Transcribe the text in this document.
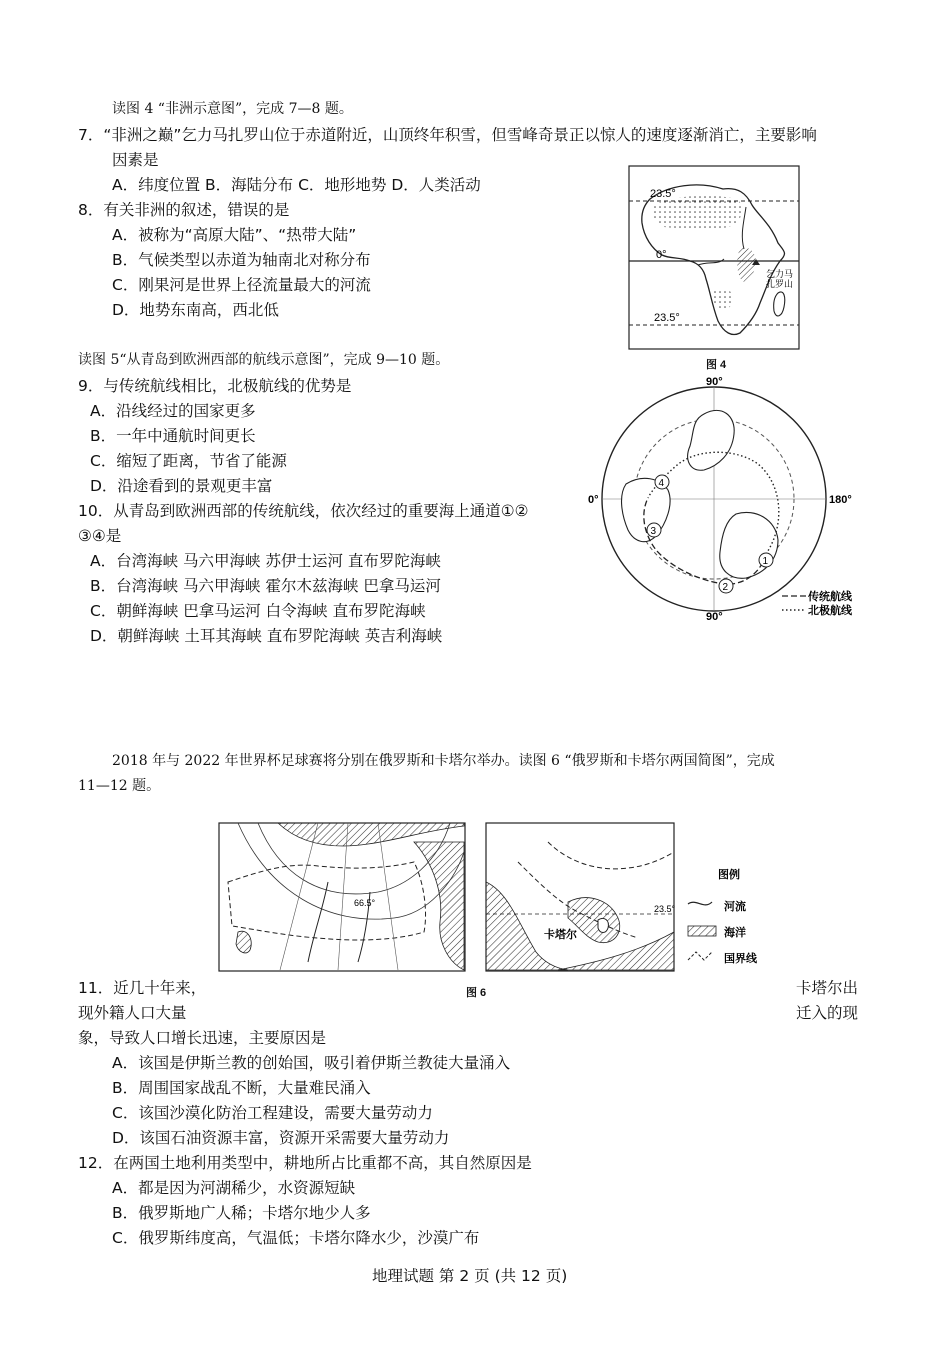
读图 4 “非洲示意图”，完成 7—8 题。
7．“非洲之巅”乞力马扎罗山位于赤道附近，山顶终年积雪，但雪峰奇景正以惊人的速度逐渐消亡，主要影响
因素是
A．纬度位置 B．海陆分布 C．地形地势 D．人类活动
8．有关非洲的叙述，错误的是
A．被称为“高原大陆”、“热带大陆”
B．气候类型以赤道为轴南北对称分布
C．刚果河是世界上径流量最大的河流
D．地势东南高，西北低
23.5°
0°
23.5°
乞力马
扎罗山
图 4
读图 5“从青岛到欧洲西部的航线示意图”，完成 9—10 题。
9．与传统航线相比，北极航线的优势是
A．沿线经过的国家更多
B．一年中通航时间更长
C．缩短了距离，节省了能源
D．沿途看到的景观更丰富
10．从青岛到欧洲西部的传统航线，依次经过的重要海上通道①②
③④是
A．台湾海峡 马六甲海峡 苏伊士运河 直布罗陀海峡
B．台湾海峡 马六甲海峡 霍尔木兹海峡 巴拿马运河
C．朝鲜海峡 巴拿马运河 白令海峡 直布罗陀海峡
D．朝鲜海峡 土耳其海峡 直布罗陀海峡 英吉利海峡
1
2
3
4
90°
90°
0°	180°
传统航线
北极航线
2018 年与 2022 年世界杯足球赛将分别在俄罗斯和卡塔尔举办。读图 6 “俄罗斯和卡塔尔两国简图”，完成
11—12 题。
66.5°
23.5°
卡塔尔
图例
河流
海洋
国界线
图 6
11．近几十年来，	卡塔尔出
现外籍人口大量	迁入的现
象，导致人口增长迅速，主要原因是
A．该国是伊斯兰教的创始国，吸引着伊斯兰教徒大量涌入
B．周围国家战乱不断，大量难民涌入
C．该国沙漠化防治工程建设，需要大量劳动力
D．该国石油资源丰富，资源开采需要大量劳动力
12．在两国土地利用类型中，耕地所占比重都不高，其自然原因是
A．都是因为河湖稀少，水资源短缺
B．俄罗斯地广人稀；卡塔尔地少人多
C．俄罗斯纬度高，气温低；卡塔尔降水少，沙漠广布
地理试题 第 2 页 (共 12 页)
